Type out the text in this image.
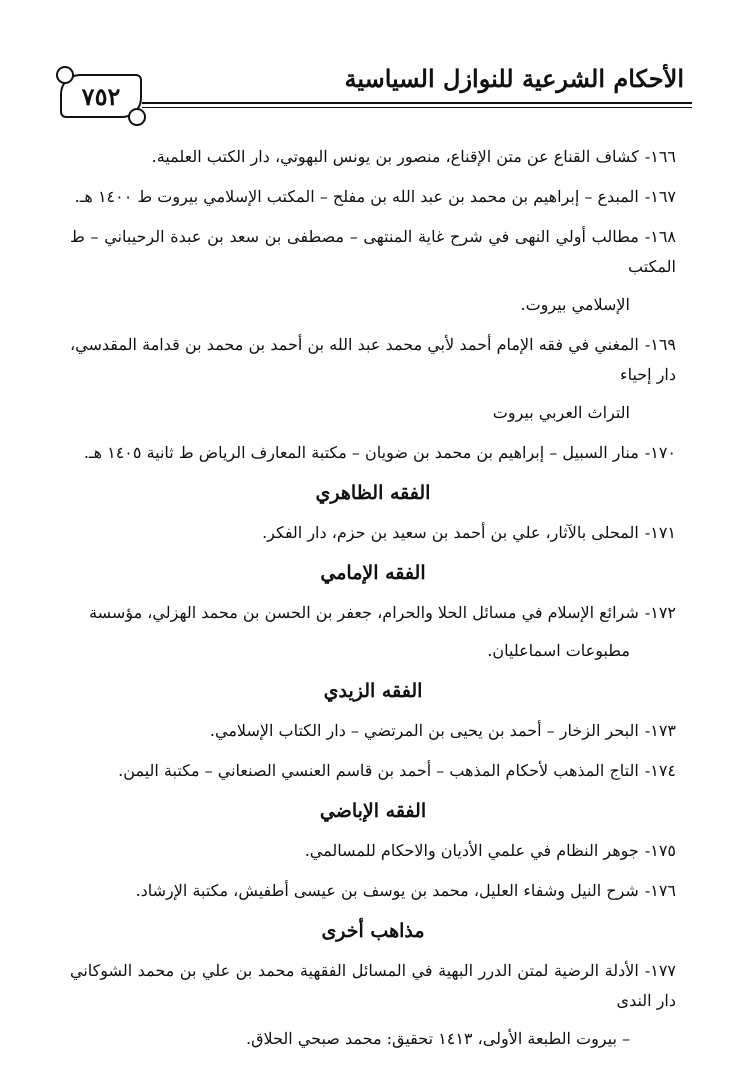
٧٥٢
الأحكام الشرعية للنوازل السياسية

١٦٦-كشاف القناع عن متن الإقناع، منصور بن يونس البهوتي، دار الكتب العلمية.

١٦٧-المبدع – إبراهيم بن محمد بن عبد الله بن مفلح – المكتب الإسلامي بيروت ط ١٤٠٠ هـ.

١٦٨-مطالب أولي النهى في شرح غاية المنتهى – مصطفى بن سعد بن عبدة الرحيباني – ط المكتب
الإسلامي بيروت.

١٦٩-المغني في فقه الإمام أحمد لأبي محمد عبد الله بن أحمد بن محمد بن قدامة المقدسي، دار إحياء
التراث العربي بيروت

١٧٠-منار السبيل – إبراهيم بن محمد بن ضويان – مكتبة المعارف الرياض ط ثانية ١٤٠٥ هـ.

الفقه الظاهري

١٧١-المحلى بالآثار، علي بن أحمد بن سعيد بن حزم، دار الفكر.

الفقه الإمامي

١٧٢-شرائع الإسلام في مسائل الحلا والحرام، جعفر بن الحسن بن محمد الهزلي، مؤسسة
مطبوعات اسماعليان.

الفقه الزيدي

١٧٣-البحر الزخار – أحمد بن يحيى بن المرتضي – دار الكتاب الإسلامي.

١٧٤-التاج المذهب لأحكام المذهب – أحمد بن قاسم العنسي الصنعاني – مكتبة اليمن.

الفقه الإباضي

١٧٥-جوهر النظام في علمي الأديان والاحكام للمسالمي.

١٧٦-شرح النيل وشفاء العليل، محمد بن يوسف بن عيسى أطفيش، مكتبة الإرشاد.

مذاهب أخرى

١٧٧-الأدلة الرضية لمتن الدرر البهية في المسائل الفقهية محمد بن علي بن محمد الشوكاني دار الندى
– بيروت الطبعة الأولى، ١٤١٣ تحقيق: محمد صبحي الحلاق.
